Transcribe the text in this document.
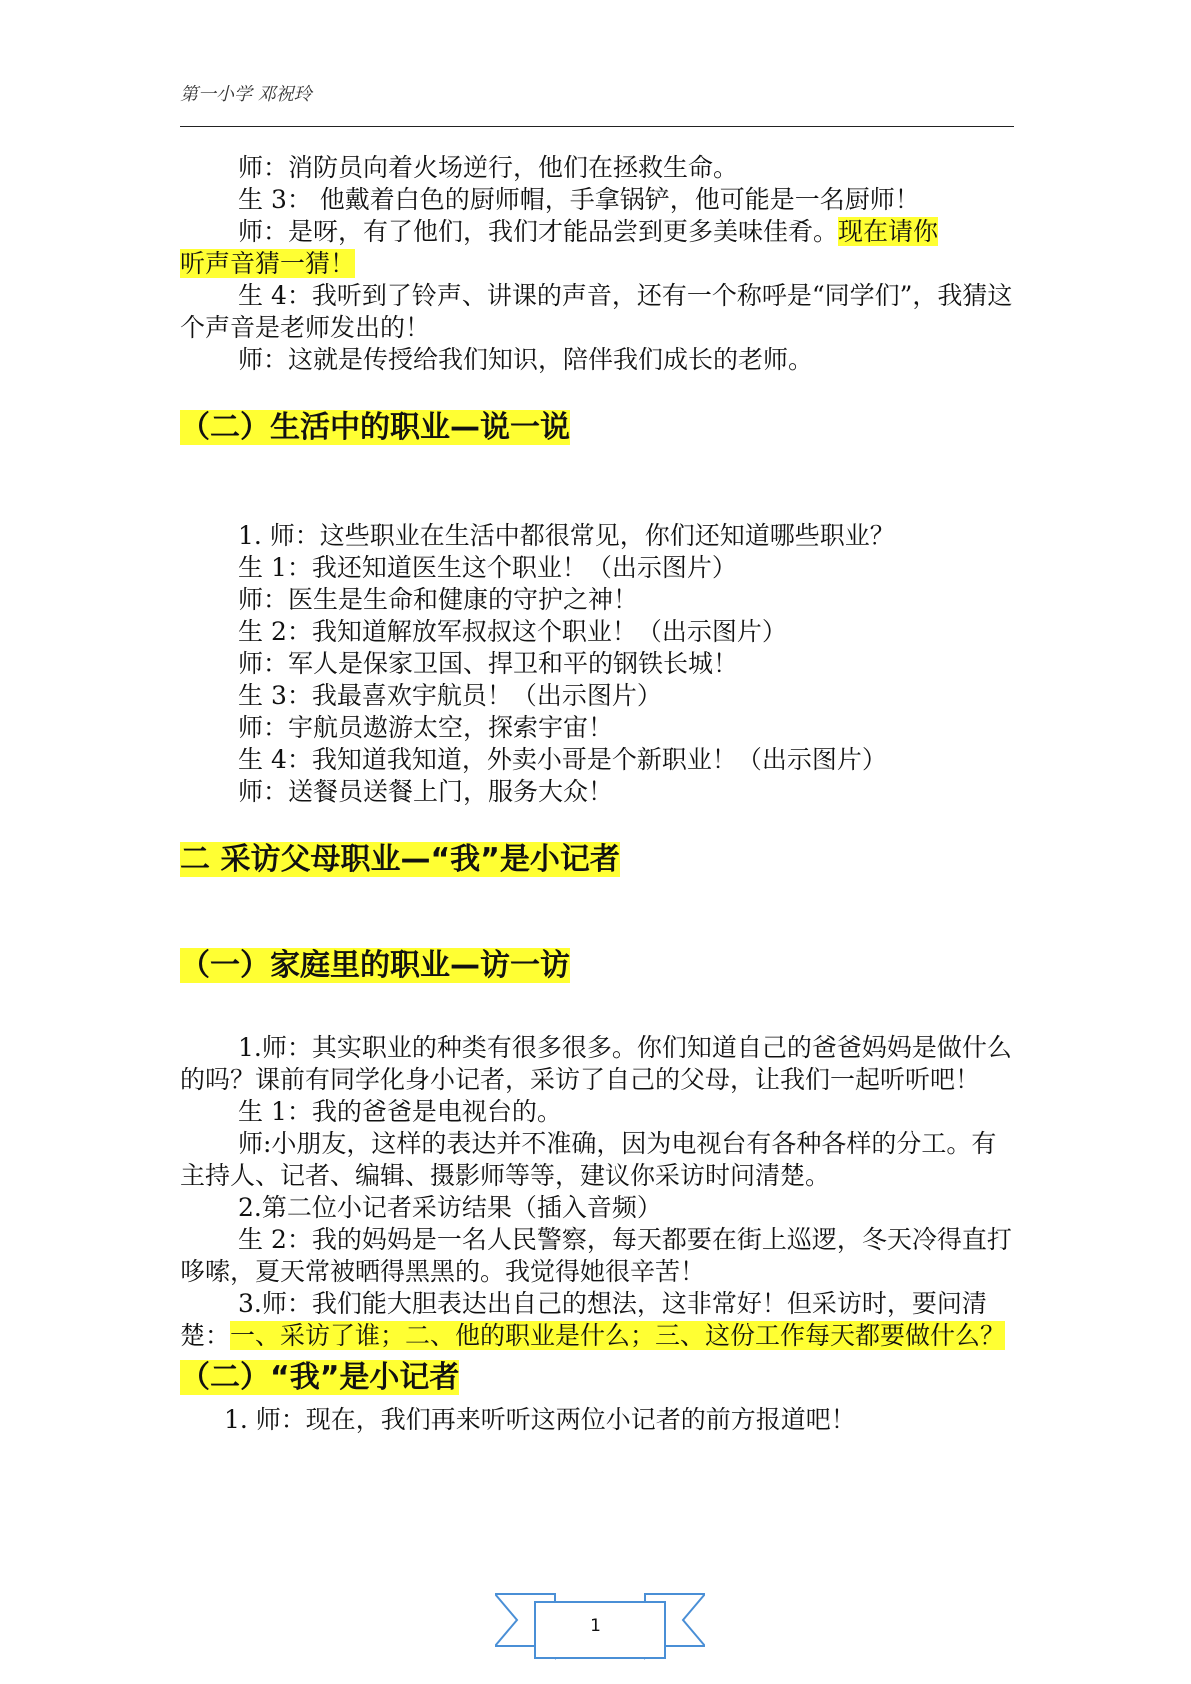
第一小学 邓祝玲

师：消防员向着火场逆行，他们在拯救生命。

生 3： 他戴着白色的厨师帽，手拿锅铲，他可能是一名厨师！

师：是呀，有了他们，我们才能品尝到更多美味佳肴。现在请你

听声音猜一猜！

生 4：我听到了铃声、讲课的声音，还有一个称呼是“同学们”，我猜这个声音是老师发出的！

师：这就是传授给我们知识，陪伴我们成长的老师。

（二）生活中的职业—说一说

1. 师：这些职业在生活中都很常见，你们还知道哪些职业？

生 1：我还知道医生这个职业！（出示图片）

师：医生是生命和健康的守护之神！

生 2：我知道解放军叔叔这个职业！（出示图片）

师：军人是保家卫国、捍卫和平的钢铁长城！

生 3：我最喜欢宇航员！（出示图片）

师：宇航员遨游太空，探索宇宙！

生 4：我知道我知道，外卖小哥是个新职业！（出示图片）

师：送餐员送餐上门，服务大众！

二 采访父母职业—“我”是小记者
（一）家庭里的职业—访一访

1.师：其实职业的种类有很多很多。你们知道自己的爸爸妈妈是做什么的吗？课前有同学化身小记者，采访了自己的父母，让我们一起听听吧！

生 1：我的爸爸是电视台的。

师:小朋友，这样的表达并不准确，因为电视台有各种各样的分工。有主持人、记者、编辑、摄影师等等，建议你采访时问清楚。

2.第二位小记者采访结果（插入音频）

生 2：我的妈妈是一名人民警察，每天都要在街上巡逻，冬天冷得直打哆嗦，夏天常被晒得黑黑的。我觉得她很辛苦！

3.师：我们能大胆表达出自己的想法，这非常好！但采访时，要问清楚：一、采访了谁；二、他的职业是什么；三、这份工作每天都要做什么？

（二）“我”是小记者

1. 师：现在，我们再来听听这两位小记者的前方报道吧！

1
